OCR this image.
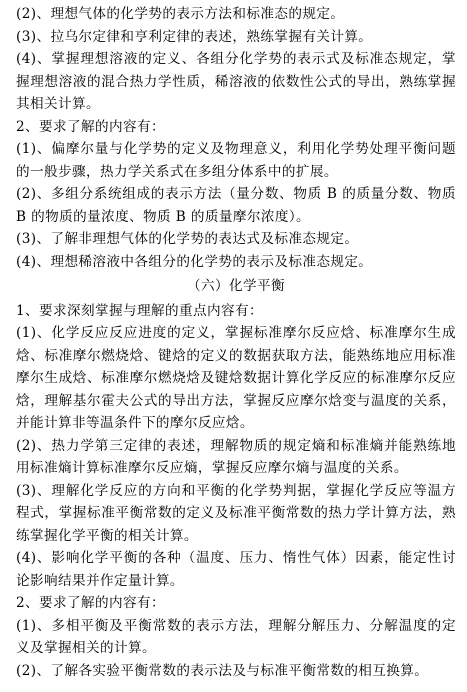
(2)、理想气体的化学势的表示方法和标准态的规定。

(3)、拉乌尔定律和亨利定律的表述，熟练掌握有关计算。

(4)、掌握理想溶液的定义、各组分化学势的表示式及标准态规定，掌握理想溶液的混合热力学性质，稀溶液的依数性公式的导出，熟练掌握其相关计算。

2、要求了解的内容有：

(1)、偏摩尔量与化学势的定义及物理意义，利用化学势处理平衡问题的一般步骤，热力学关系式在多组分体系中的扩展。

(2)、多组分系统组成的表示方法（量分数、物质 B 的质量分数、物质 B 的物质的量浓度、物质 B 的质量摩尔浓度）。

(3)、了解非理想气体的化学势的表达式及标准态规定。

(4)、理想稀溶液中各组分的化学势的表示及标准态规定。

（六）化学平衡

1、要求深刻掌握与理解的重点内容有：

(1)、化学反应反应进度的定义，掌握标准摩尔反应焓、标准摩尔生成焓、标准摩尔燃烧焓、键焓的定义的数据获取方法，能熟练地应用标准摩尔生成焓、标准摩尔燃烧焓及键焓数据计算化学反应的标准摩尔反应焓，理解基尔霍夫公式的导出方法，掌握反应摩尔焓变与温度的关系，并能计算非等温条件下的摩尔反应焓。

(2)、热力学第三定律的表述，理解物质的规定熵和标准熵并能熟练地用标准熵计算标准摩尔反应熵，掌握反应摩尔熵与温度的关系。

(3)、理解化学反应的方向和平衡的化学势判据，掌握化学反应等温方程式，掌握标准平衡常数的定义及标准平衡常数的热力学计算方法，熟练掌握化学平衡的相关计算。

(4)、影响化学平衡的各种（温度、压力、惰性气体）因素，能定性讨论影响结果并作定量计算。

2、要求了解的内容有：

(1)、多相平衡及平衡常数的表示方法，理解分解压力、分解温度的定义及掌握相关的计算。

(2)、了解各实验平衡常数的表示法及与标准平衡常数的相互换算。
